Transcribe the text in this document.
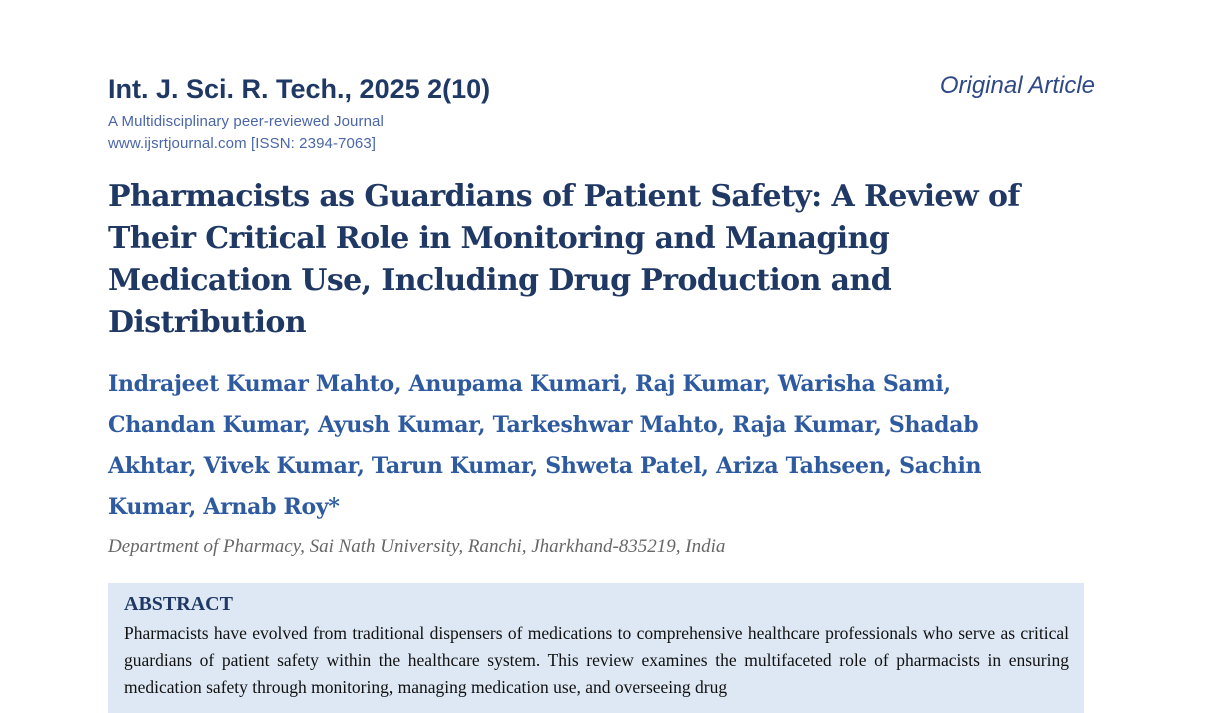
Int. J. Sci. R. Tech., 2025 2(10)	Original Article
A Multidisciplinary peer-reviewed Journal
www.ijsrtjournal.com [ISSN: 2394-7063]
Pharmacists as Guardians of Patient Safety: A Review of Their Critical Role in Monitoring and Managing Medication Use, Including Drug Production and Distribution

Indrajeet Kumar Mahto, Anupama Kumari, Raj Kumar, Warisha Sami, Chandan Kumar, Ayush Kumar, Tarkeshwar Mahto, Raja Kumar, Shadab Akhtar, Vivek Kumar, Tarun Kumar, Shweta Patel, Ariza Tahseen, Sachin Kumar, Arnab Roy*

Department of Pharmacy, Sai Nath University, Ranchi, Jharkhand-835219, India
ABSTRACT

Pharmacists have evolved from traditional dispensers of medications to comprehensive healthcare professionals who serve as critical guardians of patient safety within the healthcare system. This review examines the multifaceted role of pharmacists in ensuring medication safety through monitoring, managing medication use, and overseeing drug
